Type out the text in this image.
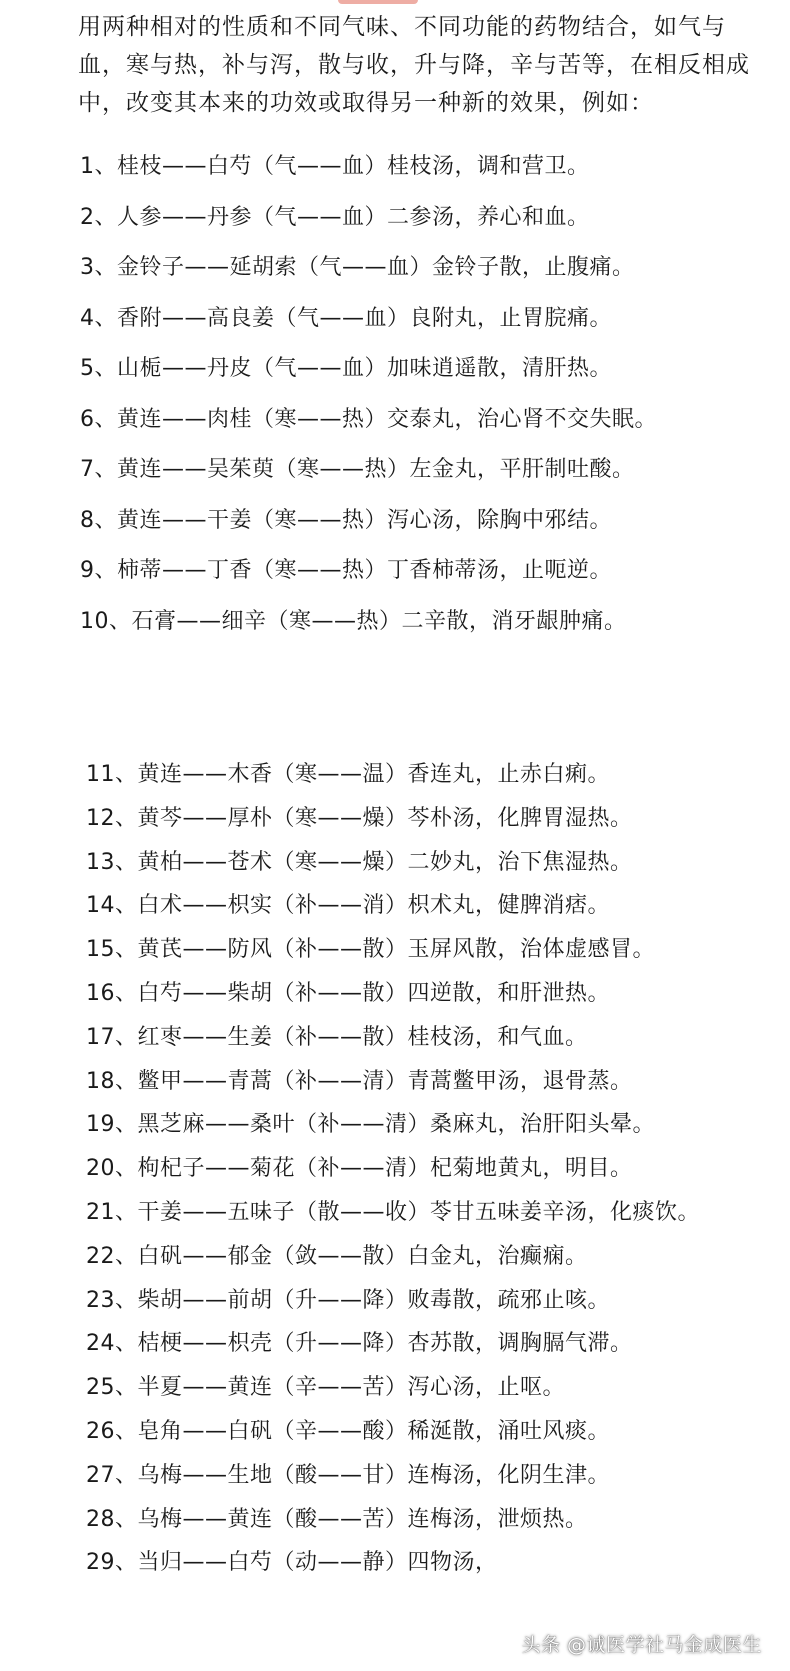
用两种相对的性质和不同气味、不同功能的药物结合，如气与血，寒与热，补与泻，散与收，升与降，辛与苦等，在相反相成中，改变其本来的功效或取得另一种新的效果，例如：

1、桂枝——白芍（气——血）桂枝汤，调和营卫。
2、人参——丹参（气——血）二参汤，养心和血。
3、金铃子——延胡索（气——血）金铃子散，止腹痛。
4、香附——高良姜（气——血）良附丸，止胃脘痛。
5、山栀——丹皮（气——血）加味逍遥散，清肝热。
6、黄连——肉桂（寒——热）交泰丸，治心肾不交失眠。
7、黄连——吴茱萸（寒——热）左金丸，平肝制吐酸。
8、黄连——干姜（寒——热）泻心汤，除胸中邪结。
9、柿蒂——丁香（寒——热）丁香柿蒂汤，止呃逆。
10、石膏——细辛（寒——热）二辛散，消牙龈肿痛。
11、黄连——木香（寒——温）香连丸，止赤白痢。
12、黄芩——厚朴（寒——燥）芩朴汤，化脾胃湿热。
13、黄柏——苍术（寒——燥）二妙丸，治下焦湿热。
14、白术——枳实（补——消）枳术丸，健脾消痞。
15、黄芪——防风（补——散）玉屏风散，治体虚感冒。
16、白芍——柴胡（补——散）四逆散，和肝泄热。
17、红枣——生姜（补——散）桂枝汤，和气血。
18、鳖甲——青蒿（补——清）青蒿鳖甲汤，退骨蒸。
19、黑芝麻——桑叶（补——清）桑麻丸，治肝阳头晕。
20、枸杞子——菊花（补——清）杞菊地黄丸，明目。
21、干姜——五味子（散——收）苓甘五味姜辛汤，化痰饮。
22、白矾——郁金（敛——散）白金丸，治癫痫。
23、柴胡——前胡（升——降）败毒散，疏邪止咳。
24、桔梗——枳壳（升——降）杏苏散，调胸膈气滞。
25、半夏——黄连（辛——苦）泻心汤，止呕。
26、皂角——白矾（辛——酸）稀涎散，涌吐风痰。
27、乌梅——生地（酸——甘）连梅汤，化阴生津。
28、乌梅——黄连（酸——苦）连梅汤，泄烦热。
29、当归——白芍（动——静）四物汤，
头条 @诚医学社马金成医生
